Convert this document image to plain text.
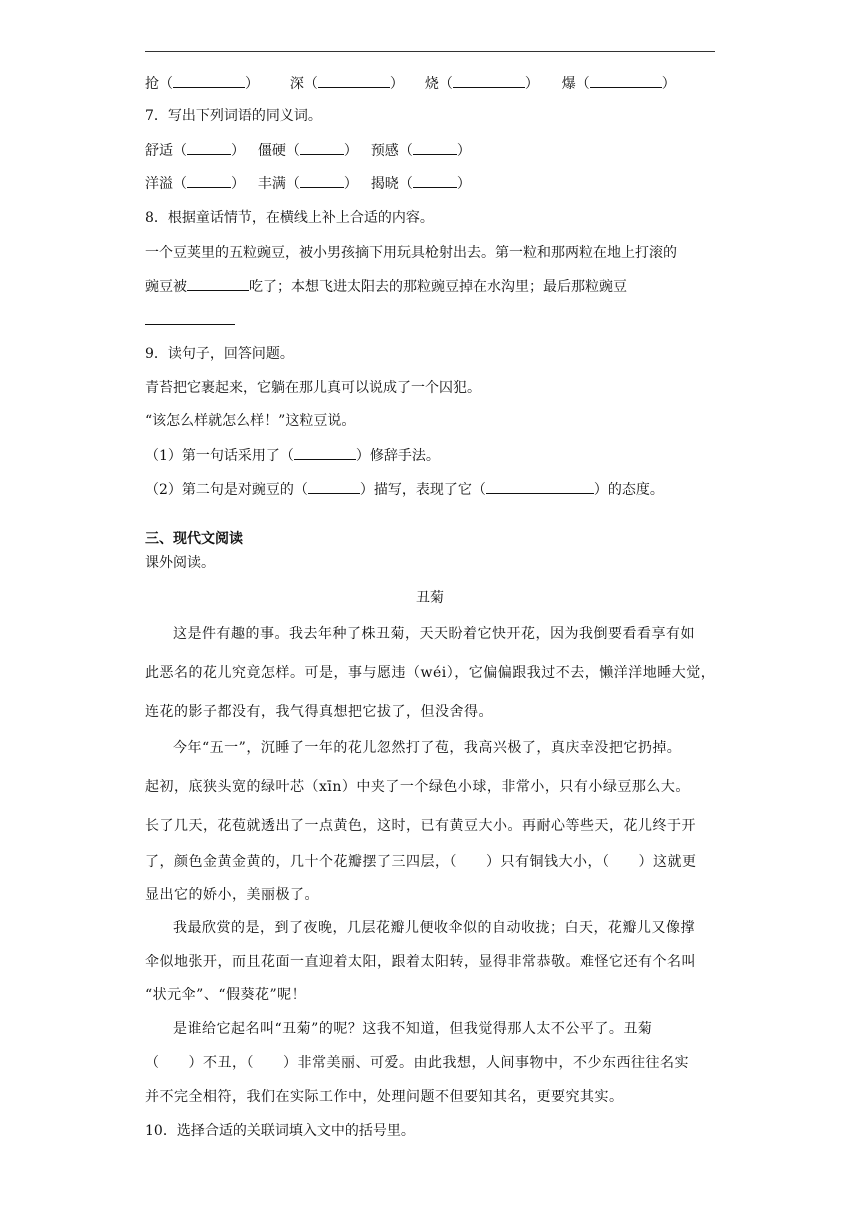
抢（	） 深（	） 烧（	） 爆（	）
7．写出下列词语的同义词。
舒适（	） 僵硬（	） 预感（	）
洋溢（	） 丰满（	） 揭晓（	）
8．根据童话情节，在横线上补上合适的内容。
一个豆荚里的五粒豌豆，被小男孩摘下用玩具枪射出去。第一粒和那两粒在地上打滚的
豌豆被	吃了；本想飞进太阳去的那粒豌豆掉在水沟里；最后那粒豌豆
9．读句子，回答问题。
青苔把它裹起来，它躺在那儿真可以说成了一个囚犯。
“该怎么样就怎么样！”这粒豆说。
（1）第一句话采用了（	）修辞手法。
（2）第二句是对豌豆的（	）描写，表现了它（	）的态度。
三、现代文阅读
课外阅读。
丑菊
这是件有趣的事。我去年种了株丑菊，天天盼着它快开花，因为我倒要看看享有如
此恶名的花儿究竟怎样。可是，事与愿违（wéi），它偏偏跟我过不去，懒洋洋地睡大觉，
连花的影子都没有，我气得真想把它拔了，但没舍得。
今年“五一”，沉睡了一年的花儿忽然打了苞，我高兴极了，真庆幸没把它扔掉。
起初，底狭头宽的绿叶芯（xīn）中夹了一个绿色小球，非常小，只有小绿豆那么大。
长了几天，花苞就透出了一点黄色，这时，已有黄豆大小。再耐心等些天，花儿终于开
了，颜色金黄金黄的，几十个花瓣摆了三四层，（　　）只有铜钱大小，（　　）这就更
显出它的娇小，美丽极了。
我最欣赏的是，到了夜晚，几层花瓣儿便收伞似的自动收拢；白天，花瓣儿又像撑
伞似地张开，而且花面一直迎着太阳，跟着太阳转，显得非常恭敬。难怪它还有个名叫
“状元伞”、“假葵花”呢！
是谁给它起名叫“丑菊”的呢？这我不知道，但我觉得那人太不公平了。丑菊
（　　）不丑，（　　）非常美丽、可爱。由此我想，人间事物中，不少东西往往名实
并不完全相符，我们在实际工作中，处理问题不但要知其名，更要究其实。
10．选择合适的关联词填入文中的括号里。
